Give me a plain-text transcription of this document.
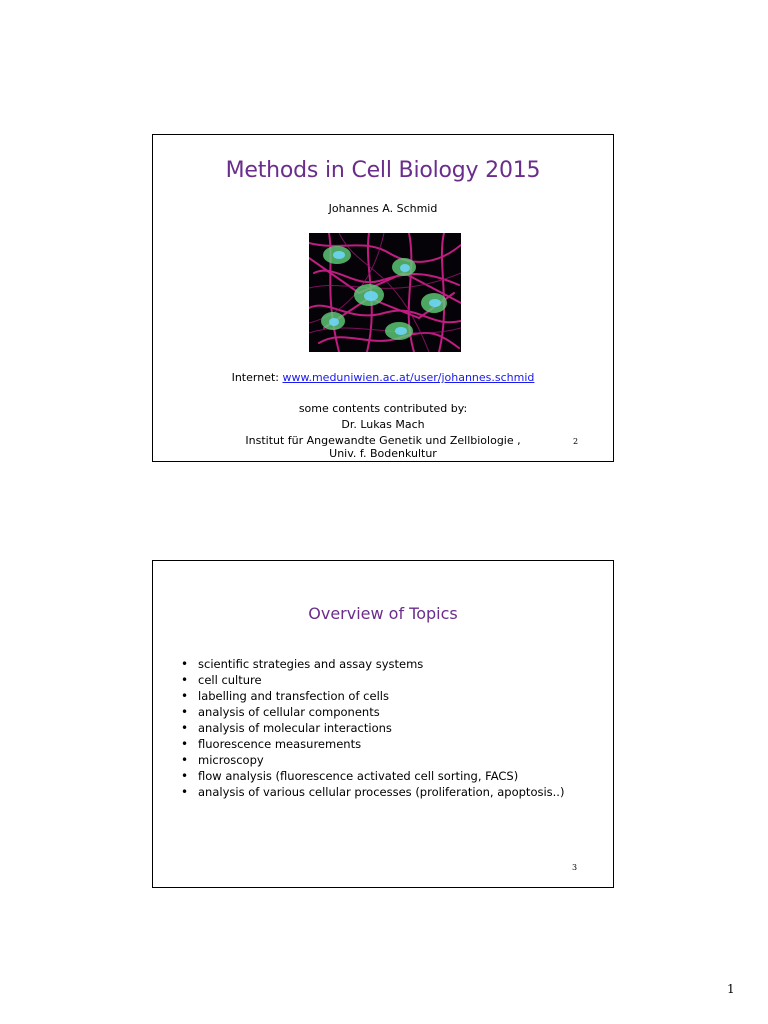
Methods in Cell Biology 2015
Johannes A. Schmid
Internet: www.meduniwien.ac.at/user/johannes.schmid
some contents contributed by:
Dr. Lukas Mach
Institut für Angewandte Genetik und Zellbiologie ,
Univ. f. Bodenkultur
2
Overview of Topics
• scientific strategies and assay systems
• cell culture
• labelling and transfection of cells
• analysis of cellular components
• analysis of molecular interactions
• fluorescence measurements
• microscopy
• flow analysis (fluorescence activated cell sorting, FACS)
• analysis of various cellular processes (proliferation, apoptosis..)
3
1
